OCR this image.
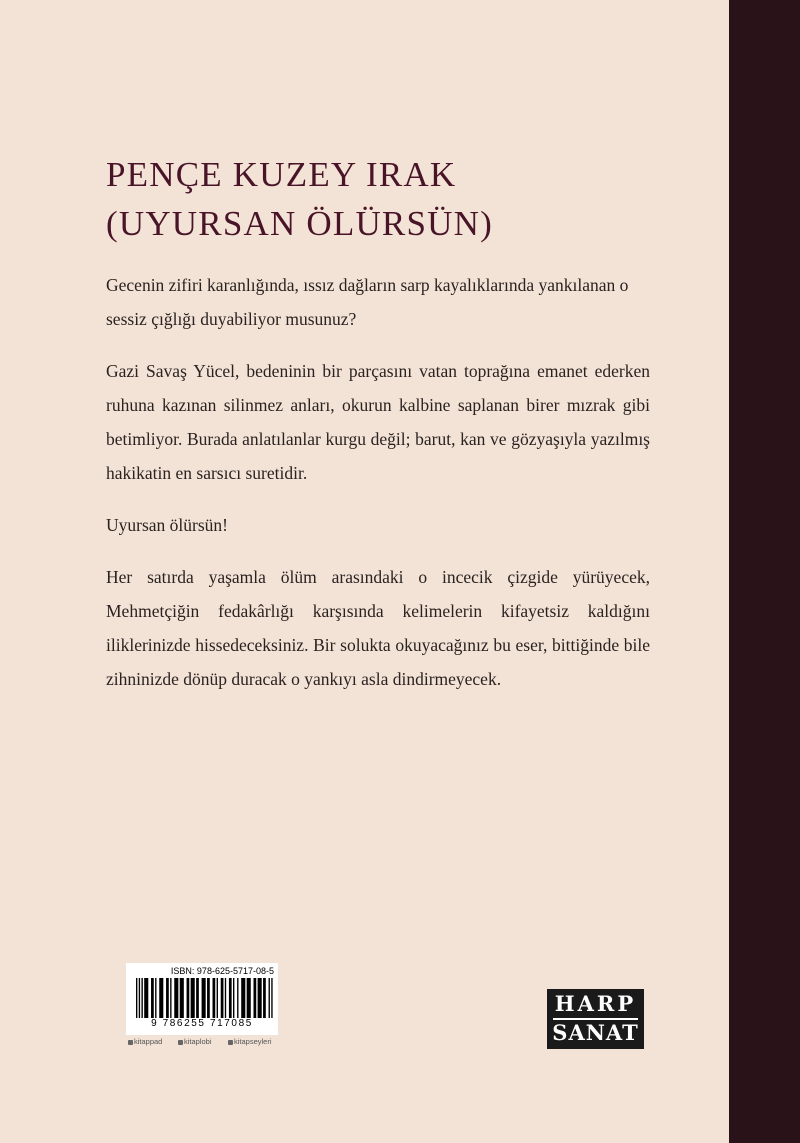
PENÇE KUZEY IRAK
(UYURSAN ÖLÜRSÜN)

Gecenin zifiri karanlığında, ıssız dağların sarp kayalıklarında yankılanan o sessiz çığlığı duyabiliyor musunuz?

Gazi Savaş Yücel, bedeninin bir parçasını vatan toprağına emanet ederken ruhuna kazınan silinmez anları, okurun kalbine saplanan birer mızrak gibi betimliyor. Burada anlatılanlar kurgu değil; barut, kan ve gözyaşıyla yazılmış hakikatin en sarsıcı suretidir.

Uyursan ölürsün!

Her satırda yaşamla ölüm arasındaki o incecik çizgide yürüyecek, Mehmetçiğin fedakârlığı karşısında kelimelerin kifayetsiz kaldığını iliklerinizde hissedeceksiniz. Bir solukta okuyacağınız bu eser, bittiğinde bile zihninizde dönüp duracak o yankıyı asla dindirmeyecek.

ISBN: 978-625-5717-08-5
9 786255 717085
kitappad	kitaplobi	kitapseyleri
HARP
SANAT
